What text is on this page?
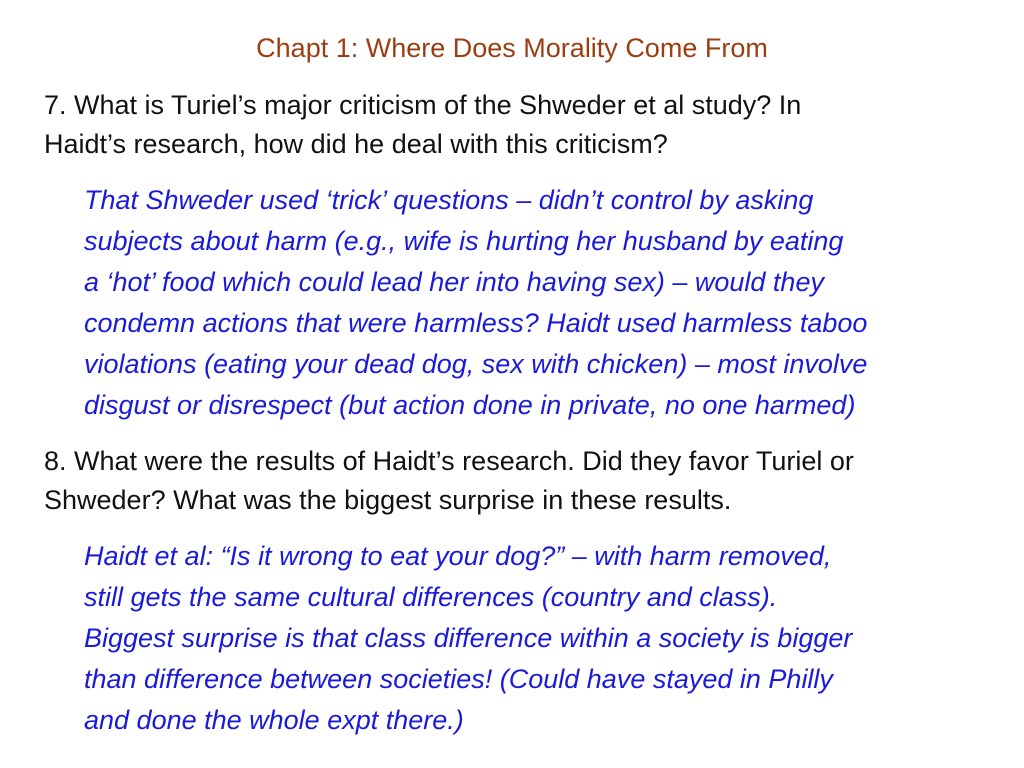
Chapt 1: Where Does Morality Come From
7. What is Turiel’s major criticism of the Shweder et al study? In
Haidt’s research, how did he deal with this criticism?
That Shweder used ‘trick’ questions – didn’t control by asking
subjects about harm (e.g., wife is hurting her husband by eating
a ‘hot’ food which could lead her into having sex) – would they
condemn actions that were harmless? Haidt used harmless taboo
violations (eating your dead dog, sex with chicken) – most involve
disgust or disrespect (but action done in private, no one harmed)
8. What were the results of Haidt’s research. Did they favor Turiel or
Shweder? What was the biggest surprise in these results.
Haidt et al: “Is it wrong to eat your dog?” – with harm removed,
still gets the same cultural differences (country and class).
Biggest surprise is that class difference within a society is bigger
than difference between societies! (Could have stayed in Philly
and done the whole expt there.)
